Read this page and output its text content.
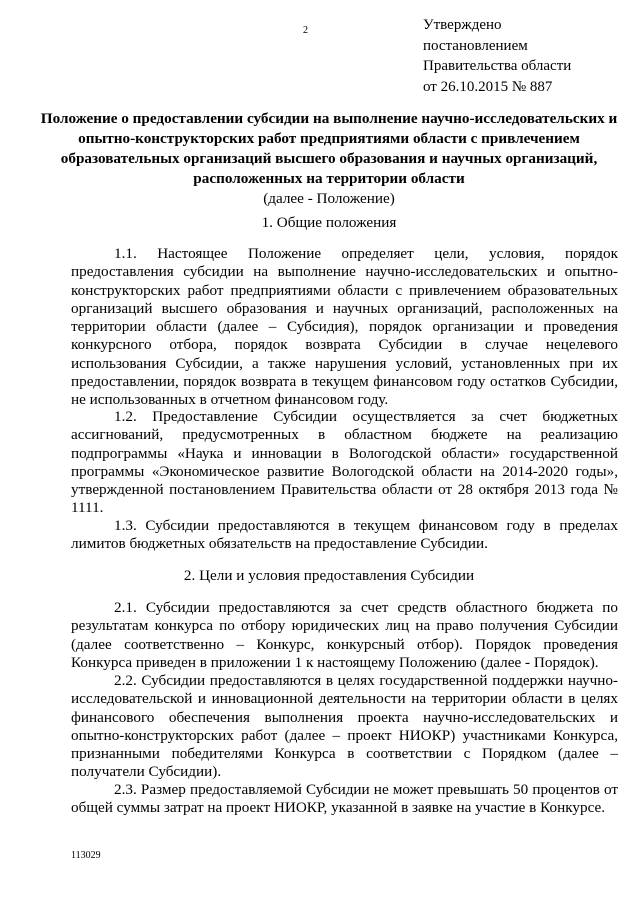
2	Утверждено
постановлением
Правительства области
от 26.10.2015 № 887
Положение о предоставлении субсидии на выполнение научно-исследовательских и опытно-конструкторских работ предприятиями области с привлечением образовательных организаций высшего образования и научных организаций, расположенных на территории области
(далее - Положение)
1. Общие положения

1.1. Настоящее Положение определяет цели, условия, порядок предоставления субсидии на выполнение научно-исследовательских и опытно-конструкторских работ предприятиями области с привлечением образовательных организаций высшего образования и научных организаций, расположенных на территории области (далее – Субсидия), порядок организации и проведения конкурсного отбора, порядок возврата Субсидии в случае нецелевого использования Субсидии, а также нарушения условий, установленных при их предоставлении, порядок возврата в текущем финансовом году остатков Субсидии, не использованных в отчетном финансовом году.

1.2. Предоставление Субсидии осуществляется за счет бюджетных ассигнований, предусмотренных в областном бюджете на реализацию подпрограммы «Наука и инновации в Вологодской области» государственной программы «Экономическое развитие Вологодской области на 2014-2020 годы», утвержденной постановлением Правительства области от 28 октября 2013 года № 1111.

1.3. Субсидии предоставляются в текущем финансовом году в пределах лимитов бюджетных обязательств на предоставление Субсидии.

2. Цели и условия предоставления Субсидии

2.1. Субсидии предоставляются за счет средств областного бюджета по результатам конкурса по отбору юридических лиц на право получения Субсидии (далее соответственно – Конкурс, конкурсный отбор). Порядок проведения Конкурса приведен в приложении 1 к настоящему Положению (далее - Порядок).

2.2. Субсидии предоставляются в целях государственной поддержки научно-исследовательской и инновационной деятельности на территории области в целях финансового обеспечения выполнения проекта научно-исследовательских и опытно-конструкторских работ (далее – проект НИОКР) участниками Конкурса, признанными победителями Конкурса в соответствии с Порядком (далее – получатели Субсидии).

2.3. Размер предоставляемой Субсидии не может превышать 50 процентов от общей суммы затрат на проект НИОКР, указанной в заявке на участие в Конкурсе.

113029
